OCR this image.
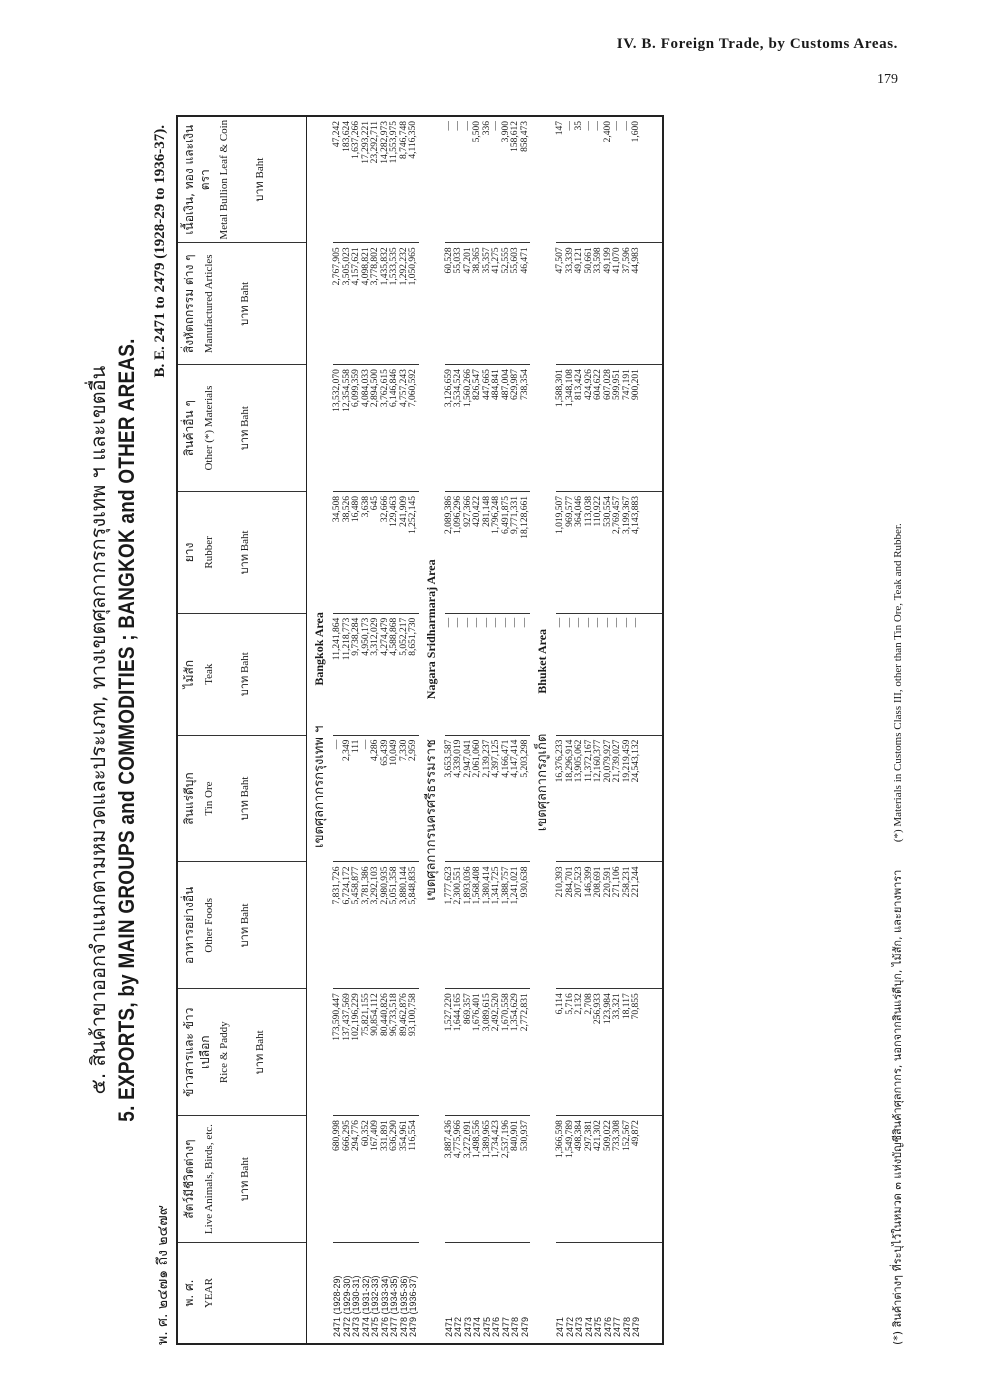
IV. B. Foreign Trade, by Customs Areas.
179
๕. สินค้าขาออกจำแนกตามหมวดและประเภท, ทางเขตศุลกากรกรุงเทพ ฯ และเขตอื่น 5. EXPORTS, by MAIN GROUPS and COMMODITIES ; BANGKOK and OTHER AREAS.
พ. ศ. ๒๔๗๑ ถึง ๒๔๗๙
B. E. 2471 to 2479 (1928-29 to 1936-37).
พ. ศ. YEAR	สัตว์มีชีวิตต่างๆ Live Animals, Birds, etc. บาท Baht	ข้าวสารและ ข้าวเปลือก Rice & Paddy บาท Baht	อาหารอย่างอื่น Other Foods บาท Baht	สินแร่ดีบุก Tin Ore บาท Baht	ไม้สัก Teak บาท Baht	ยาง Rubber บาท Baht	สินค้าอื่น ๆ Other (*) Materials บาท Baht	สิ่งหัตถกรรม ต่าง ๆ Manufactured Articles บาท Baht	เนื้อเงิน, ทอง และเงินตรา Metal Bullion Leaf & Coin บาท Baht

เขตศุลกากรกรุงเทพ ฯBangkok Area									

2471 (1928-29)	680,998	173,590,447	7,831,726	—	11,241,864	34,508	13,532,070	2,767,905	47,242
2472 (1929-30)	666,295	137,437,569	6,724,172	2,349	11,218,773	38,526	12,354,558	3,505,023	183,624
2473 (1930-31)	294,776	102,196,229	5,458,877	111	9,738,284	16,480	6,099,359	4,157,621	1,637,266
2474 (1931-32)	60,352	75,821,155	3,781,386	—	4,950,173	3,638	4,084,033	4,098,821	17,293,221
2475 (1932-33)	167,409	90,854,112	3,292,103	4,286	3,312,029	645	2,894,500	3,778,802	23,292,711
2476 (1933-34)	331,891	80,440,826	2,980,935	65,439	4,274,479	32,666	3,762,615	1,435,832	14,282,973
2477 (1934-35)	636,290	96,733,518	5,051,358	10,049	4,588,868	129,463	6,146,846	1,533,535	11,553,975
2478 (1935-36)	354,961	89,462,876	3,880,144	7,330	5,052,217	241,909	4,757,243	1,292,232	8,746,748
2479 (1936-37)	116,554	93,100,758	5,848,835	2,959	8,651,730	1,252,145	7,060,592	1,050,965	4,116,350

เขตศุลกากรนครศรีธรรมราชNagara Sridharmaraj Area									

2471	3,887,436	1,527,220	1,777,623	3,653,587	—	2,089,386	3,126,659	60,528	—
2472	4,775,966	1,644,165	2,300,551	4,339,019	—	1,096,296	3,534,524	55,033	—
2473	3,272,091	869,357	1,893,036	2,947,041	—	927,366	1,560,266	47,201	—
2474	1,498,556	1,676,401	1,568,408	2,061,060	—	420,422	826,547	38,365	5,500
2475	1,389,965	3,089,615	1,380,414	2,139,237	—	281,148	447,665	35,357	336
2476	1,734,423	2,492,520	1,341,725	4,397,125	—	1,796,248	484,841	41,275	—
2477	2,537,196	1,670,558	1,388,757	4,166,471	—	6,491,875	487,004	52,555	3,900
2478	840,901	1,354,629	1,241,021	4,147,414	—	9,771,331	629,987	55,603	158,612
2479	530,937	2,772,831	930,638	5,203,298	—	18,128,661	738,354	46,471	858,473

เขตศุลกากรภูเก็ตBhuket Area									

2471	1,366,598	6,114	210,393	16,376,233	—	1,019,507	1,588,301	47,507	147
2472	1,549,789	5,716	284,701	18,296,914	—	969,577	1,348,108	33,339	—
2473	498,384	2,132	207,523	13,905,062	—	364,046	813,424	49,121	35
2474	297,381	2,708	146,399	11,372,167	—	113,038	424,926	50,661	—
2475	421,302	256,933	208,691	12,160,377	—	110,922	604,622	33,598	—
2476	509,022	123,984	220,591	20,079,927	—	530,554	607,028	49,199	2,400
2477	733,308	33,321	271,106	21,739,027	—	2,769,457	599,951	41,070	—
2478	152,567	18,117	258,231	19,219,459	—	3,199,367	747,191	37,596	—
2479	49,872	70,855	221,244	24,543,132	—	4,143,883	900,201	44,983	1,600

(*) สินค้าต่างๆ ที่ระบุไว้ในหมวด ๓ แห่งบัญชีสินค้าศุลกากร, นอกจากสินแร่ดีบุก, ไม้สัก, และยางพารา (*) Materials in Customs Class III, other than Tin Ore, Teak and Rubber.
